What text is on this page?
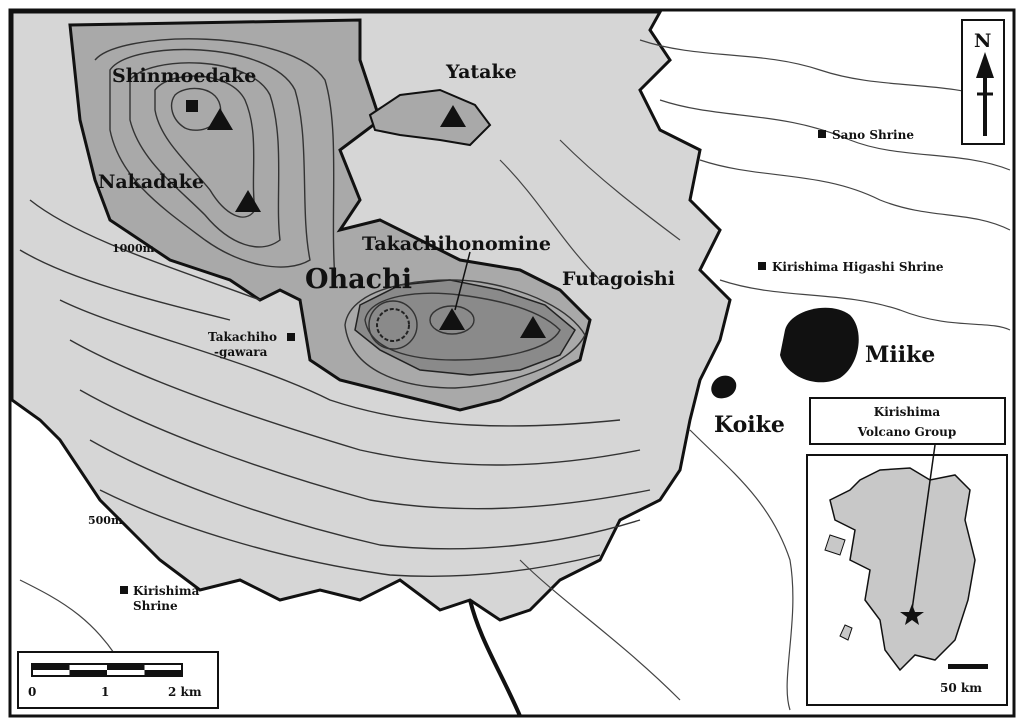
Shinmoedake
Nakadake
Yatake
Takachihonomine
Ohachi	Futagoishi
1000m
500m
Takachiho
-gawara
Sano Shrine
Kirishima Higashi Shrine
Kirishima
Shrine
Miike
Koike
N
0	1	2 km	50 km
Kirishima
Volcano Group
